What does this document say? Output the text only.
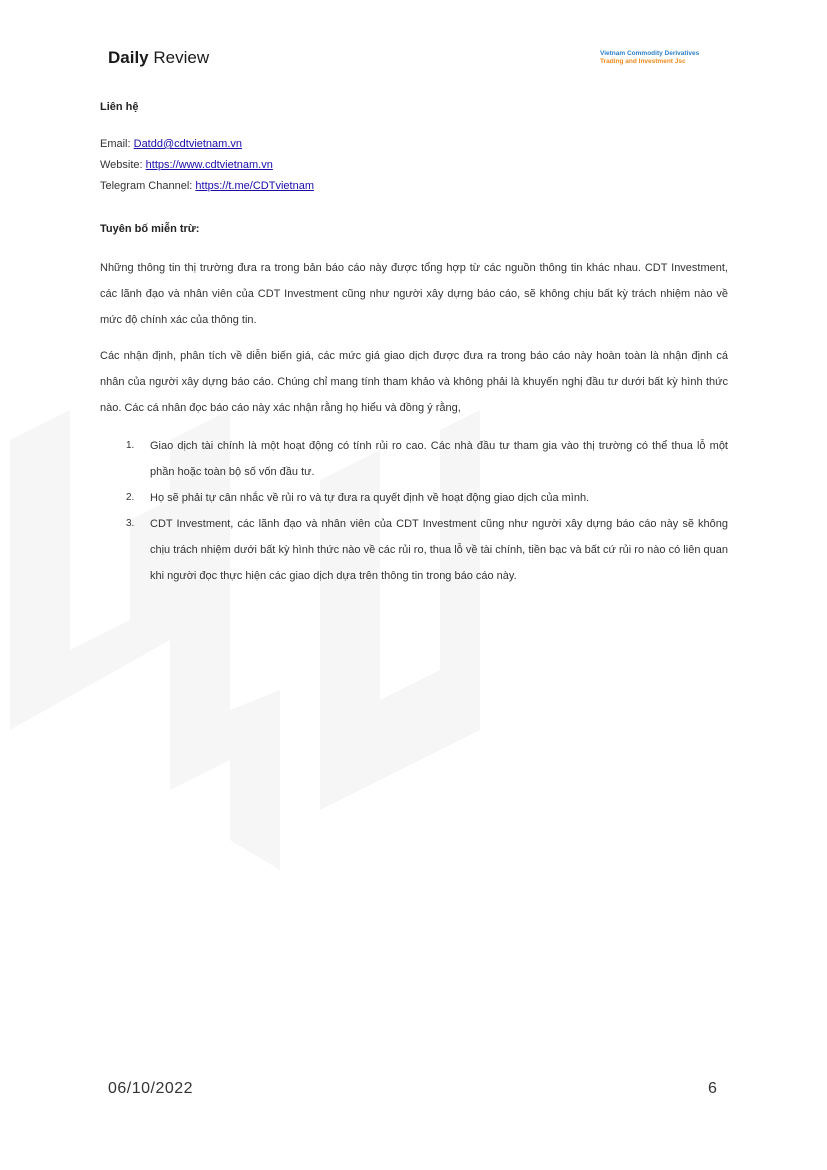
Daily Review	Vietnam Commodity Derivatives
Trading and Investment Jsc
Liên hệ
Email: Datdd@cdtvietnam.vn
Website: https://www.cdtvietnam.vn
Telegram Channel: https://t.me/CDTvietnam
Tuyên bố miễn trừ:

Những thông tin thị trường đưa ra trong bản báo cáo này được tổng hợp từ các nguồn thông tin khác nhau. CDT Investment, các lãnh đạo và nhân viên của CDT Investment cũng như người xây dựng báo cáo, sẽ không chịu bất kỳ trách nhiệm nào về mức độ chính xác của thông tin.

Các nhận định, phân tích về diễn biến giá, các mức giá giao dịch được đưa ra trong báo cáo này hoàn toàn là nhận định cá nhân của người xây dựng báo cáo. Chúng chỉ mang tính tham khảo và không phải là khuyến nghị đầu tư dưới bất kỳ hình thức nào. Các cá nhân đọc báo cáo này xác nhận rằng họ hiểu và đồng ý rằng,

1. Giao dịch tài chính là một hoạt động có tính rủi ro cao. Các nhà đầu tư tham gia vào thị trường có thể thua lỗ một phần hoặc toàn bộ số vốn đầu tư.
2. Họ sẽ phải tự cân nhắc về rủi ro và tự đưa ra quyết định về hoạt động giao dịch của mình.
3. CDT Investment, các lãnh đạo và nhân viên của CDT Investment cũng như người xây dựng báo cáo này sẽ không chịu trách nhiệm dưới bất kỳ hình thức nào về các rủi ro, thua lỗ về tài chính, tiền bạc và bất cứ rủi ro nào có liên quan khi người đọc thực hiện các giao dịch dựa trên thông tin trong báo cáo này.
06/10/2022	6
